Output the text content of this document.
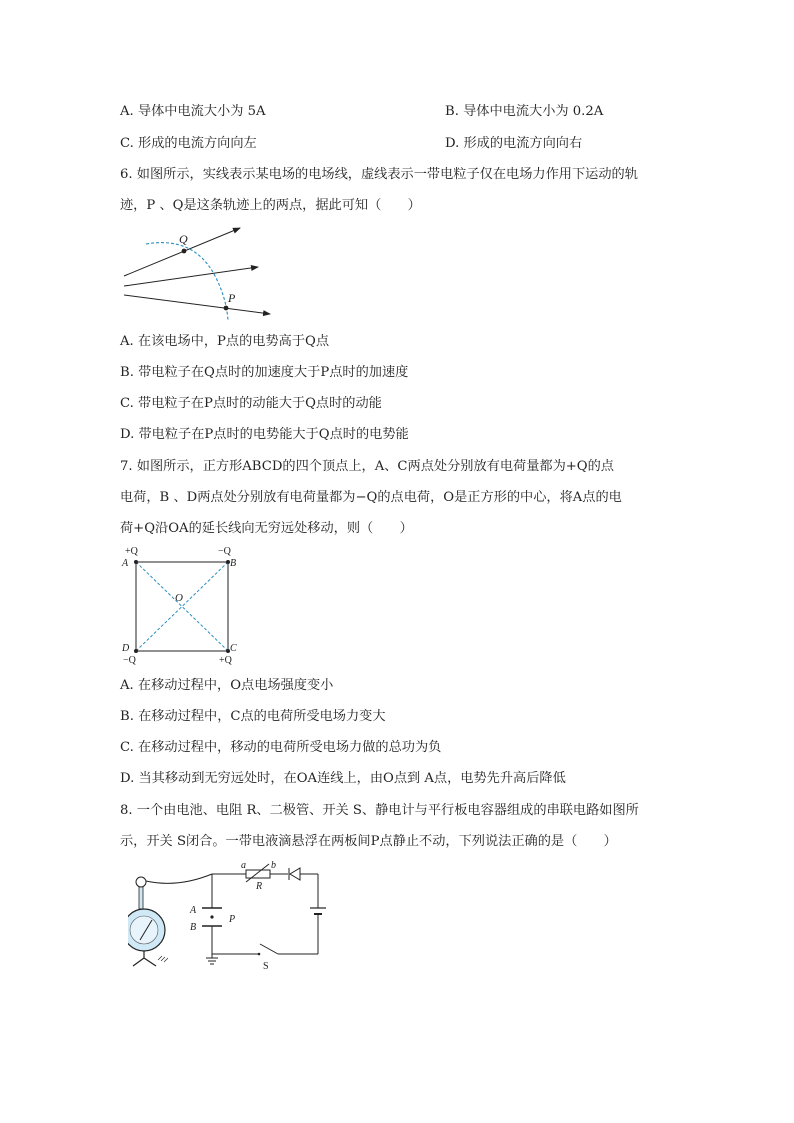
A. 导体中电流大小为 5A	B. 导体中电流大小为 0.2A
C. 形成的电流方向向左	D. 形成的电流方向向右
6. 如图所示，实线表示某电场的电场线，虚线表示一带电粒子仅在电场力作用下运动的轨
迹，P 、Q是这条轨迹上的两点，据此可知（　　）
Q
P
A. 在该电场中，P点的电势高于Q点
B. 带电粒子在Q点时的加速度大于P点时的加速度
C. 带电粒子在P点时的动能大于Q点时的动能
D. 带电粒子在P点时的电势能大于Q点时的电势能
7. 如图所示，正方形ABCD的四个顶点上，A、C两点处分别放有电荷量都为+Q的点
电荷，B 、D两点处分别放有电荷量都为−Q的点电荷，O是正方形的中心，将A点的电
荷+Q沿OA的延长线向无穷远处移动，则（　　）
+Q
A
−Q
B
O
D
−Q
C
+Q
A. 在移动过程中，O点电场强度变小
B. 在移动过程中，C点的电荷所受电场力变大
C. 在移动过程中，移动的电荷所受电场力做的总功为负
D. 当其移动到无穷远处时，在OA连线上，由O点到 A点，电势先升高后降低
8. 一个由电池、电阻 R、二极管、开关 S、静电计与平行板电容器组成的串联电路如图所
示，开关 S闭合。一带电液滴悬浮在两板间P点静止不动，下列说法正确的是（　　）
a	b
R
A
B
P
S
